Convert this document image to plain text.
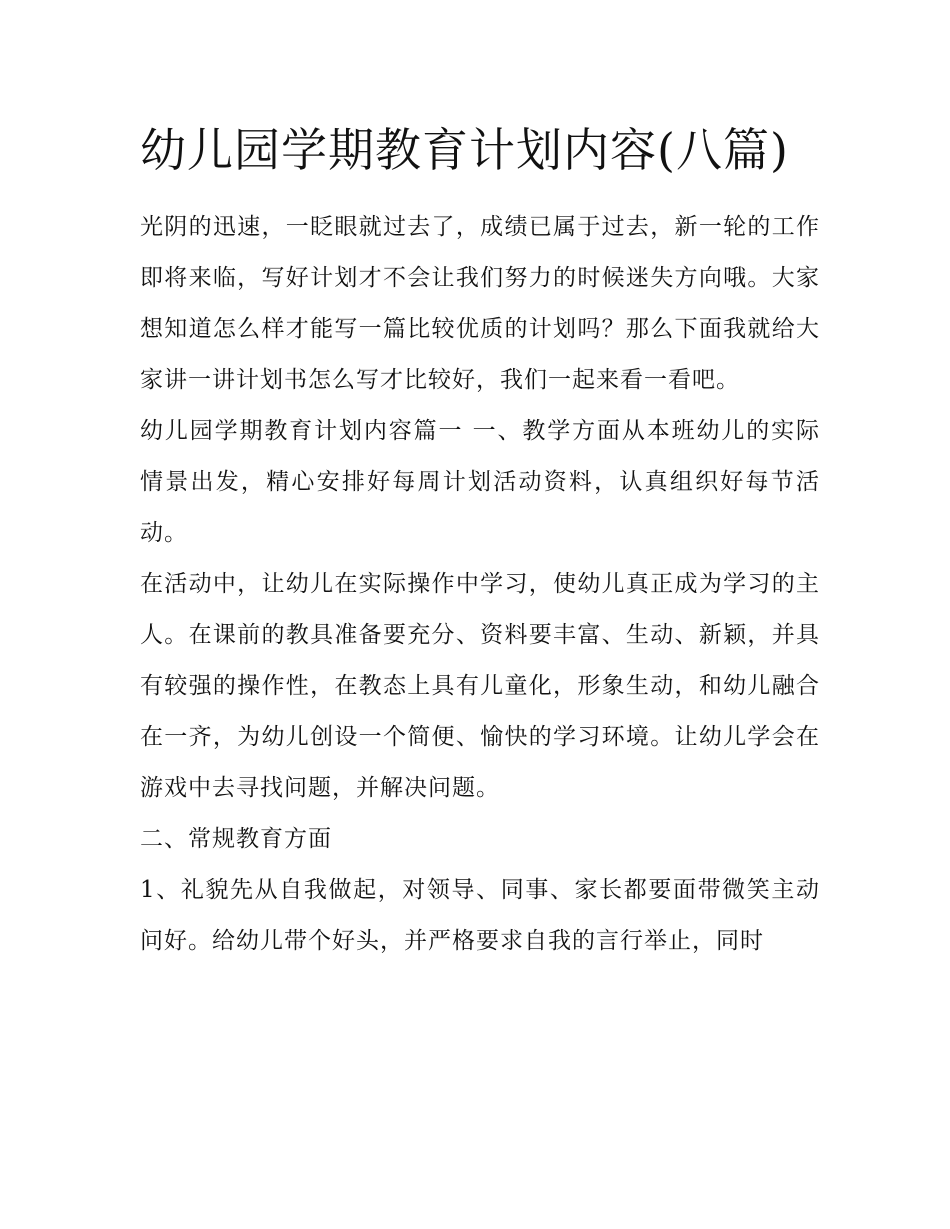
幼儿园学期教育计划内容(八篇)

光阴的迅速，一眨眼就过去了，成绩已属于过去，新一轮的工作即将来临，写好计划才不会让我们努力的时候迷失方向哦。大家想知道怎么样才能写一篇比较优质的计划吗？那么下面我就给大家讲一讲计划书怎么写才比较好，我们一起来看一看吧。

幼儿园学期教育计划内容篇一 一、教学方面从本班幼儿的实际情景出发，精心安排好每周计划活动资料，认真组织好每节活动。

在活动中，让幼儿在实际操作中学习，使幼儿真正成为学习的主人。在课前的教具准备要充分、资料要丰富、生动、新颖，并具有较强的操作性，在教态上具有儿童化，形象生动，和幼儿融合在一齐，为幼儿创设一个简便、愉快的学习环境。让幼儿学会在游戏中去寻找问题，并解决问题。

二、常规教育方面

1、礼貌先从自我做起，对领导、同事、家长都要面带微笑主动问好。给幼儿带个好头，并严格要求自我的言行举止，同时
